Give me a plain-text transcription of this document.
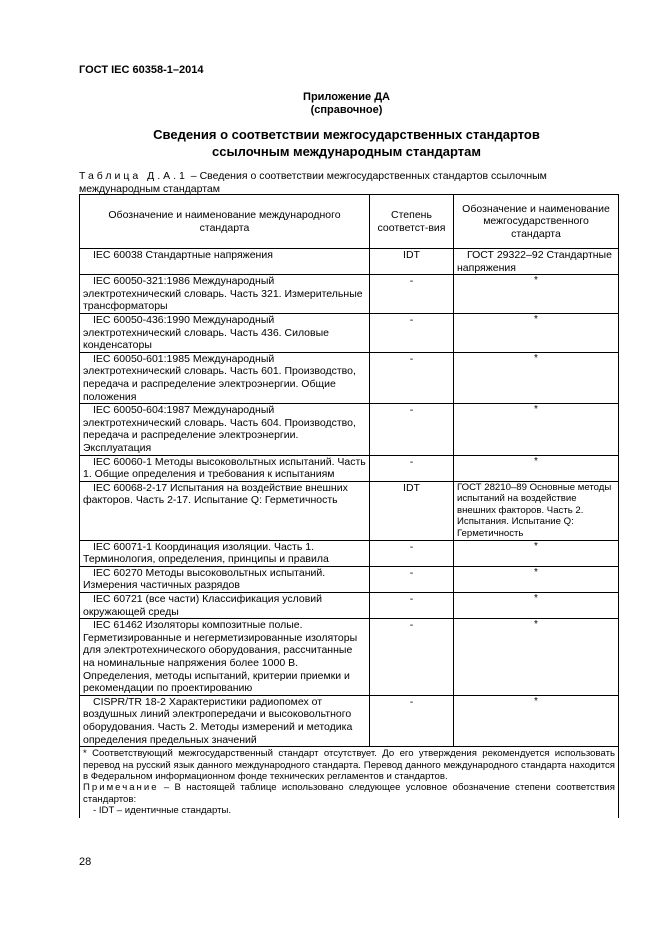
ГОСТ IEC 60358-1–2014
Приложение ДА
(справочное)
Сведения о соответствии межгосударственных стандартов
ссылочным международным стандартам
Таблица Д.А.1 – Сведения о соответствии межгосударственных стандартов ссылочным международным стандартам
Обозначение и наименование международного стандарта	Степень соответст-вия	Обозначение и наименование межгосударственного стандарта
IEC 60038 Стандартные напряжения	IDT	ГОСТ 29322–92 Стандартные напряжения
IEC 60050-321:1986 Международный электротехнический словарь. Часть 321. Измерительные трансформаторы	-	*
IEC 60050-436:1990 Международный электротехнический словарь. Часть 436. Силовые конденсаторы	-	*
IEC 60050-601:1985 Международный электротехнический словарь. Часть 601. Производство, передача и распределение электроэнергии. Общие положения	-	*
IEC 60050-604:1987 Международный электротехнический словарь. Часть 604. Производство, передача и распределение электроэнергии. Эксплуатация	-	*
IEC 60060-1 Методы высоковольтных испытаний. Часть 1. Общие определения и требования к испытаниям	-	*
IEC 60068-2-17 Испытания на воздействие внешних факторов. Часть 2-17. Испытание Q: Герметичность	IDT	ГОСТ 28210–89 Основные методы испытаний на воздействие внешних факторов. Часть 2. Испытания. Испытание Q: Герметичность
IEC 60071-1 Координация изоляции. Часть 1. Терминология, определения, принципы и правила	-	*
IEC 60270 Методы высоковольтных испытаний. Измерения частичных разрядов	-	*
IEC 60721 (все части) Классификация условий окружающей среды	-	*
IEC 61462 Изоляторы композитные полые. Герметизированные и негерметизированные изоляторы для электротехнического оборудования, рассчитанные на номинальные напряжения более 1000 В. Определения, методы испытаний, критерии приемки и рекомендации по проектированию	-	*
CISPR/TR 18-2 Характеристики радиопомех от воздушных линий электропередачи и высоковольтного оборудования. Часть 2. Методы измерений и методика определения предельных значений	-	*

* Соответствующий межгосударственный стандарт отсутствует. До его утверждения рекомендуется использовать перевод на русский язык данного международного стандарта. Перевод данного международного стандарта находится в Федеральном информационном фонде технических регламентов и стандартов.

Примечание – В настоящей таблице использовано следующее условное обозначение степени соответствия стандартов:

- IDT – идентичные стандарты.		

28
